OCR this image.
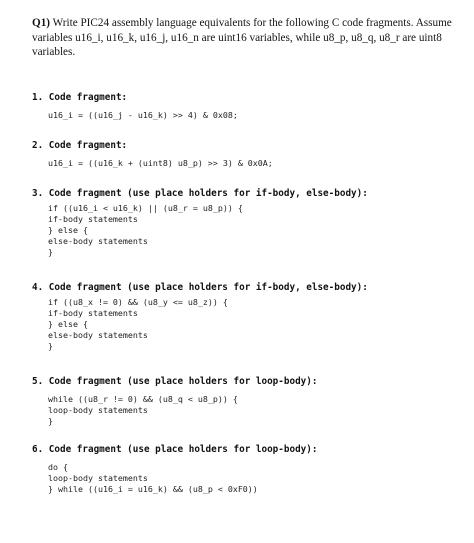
Q1) Write PIC24 assembly language equivalents for the following C code fragments. Assume variables u16_i, u16_k, u16_j, u16_n are uint16 variables, while u8_p, u8_q, u8_r are uint8 variables.

1. Code fragment:
u16_i = ((u16_j - u16_k) >> 4) & 0x08;
2. Code fragment:
u16_i = ((u16_k + (uint8) u8_p) >> 3) & 0x0A;
3. Code fragment (use place holders for if-body, else-body):
if ((u16_i < u16_k) || (u8_r = u8_p)) {
if-body statements
} else {
else-body statements
}
4. Code fragment (use place holders for if-body, else-body):
if ((u8_x != 0) && (u8_y <= u8_z)) {
if-body statements
} else {
else-body statements
}
5. Code fragment (use place holders for loop-body):
while ((u8_r != 0) && (u8_q < u8_p)) {
loop-body statements
}
6. Code fragment (use place holders for loop-body):
do {
loop-body statements
} while ((u16_i = u16_k) && (u8_p < 0xF0))
